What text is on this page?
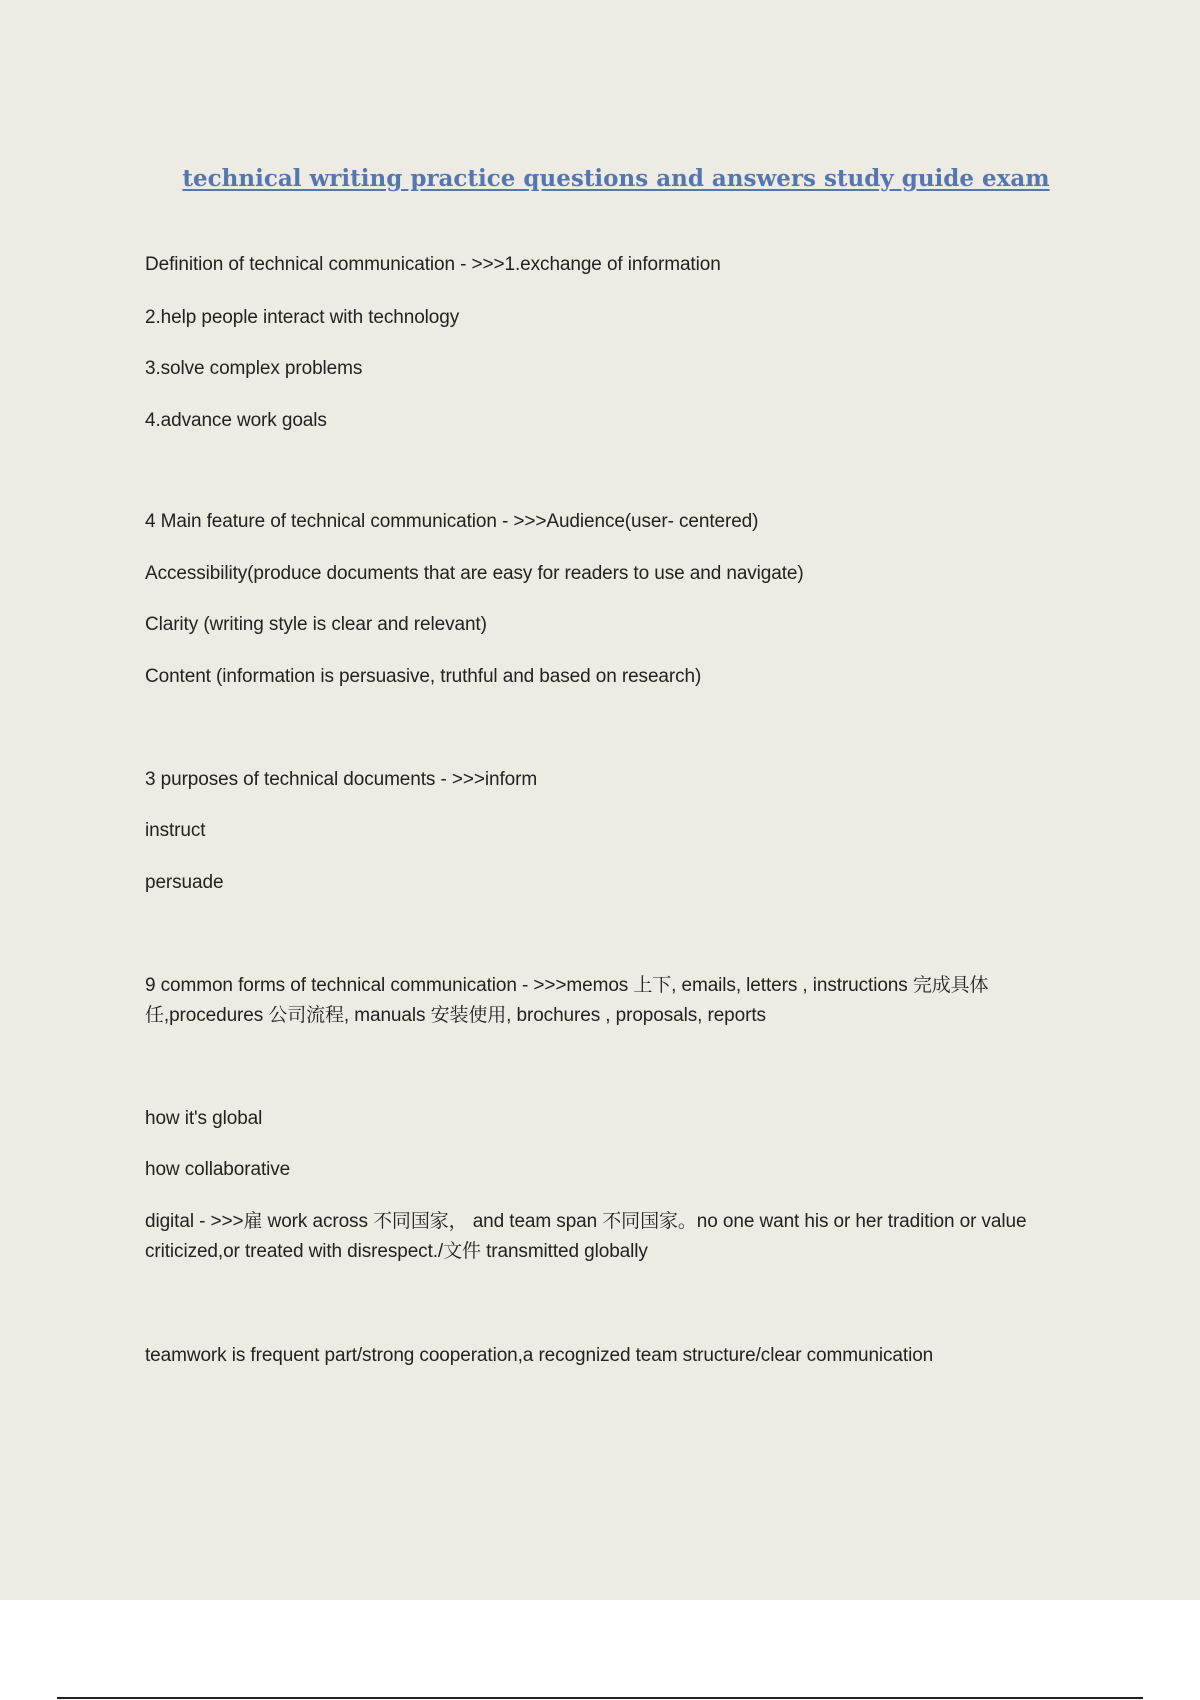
technical writing practice questions and answers study guide exam
Definition of technical communication - >>>1.exchange of information
2.help people interact with technology
3.solve complex problems
4.advance work goals
4 Main feature of technical communication - >>>Audience(user- centered)
Accessibility(produce documents that are easy for readers to use and navigate)
Clarity (writing style is clear and relevant)
Content (information is persuasive, truthful and based on research)
3 purposes of technical documents - >>>inform
instruct
persuade
9 common forms of technical communication - >>>memos 上下, emails, letters , instructions 完成具体任,procedures 公司流程, manuals 安装使用, brochures , proposals, reports
how it's global
how collaborative
digital - >>>雇 work across 不同国家， and team span 不同国家。no one want his or her tradition or value criticized,or treated with disrespect./文件 transmitted globally
teamwork is frequent part/strong cooperation,a recognized team structure/clear communication
